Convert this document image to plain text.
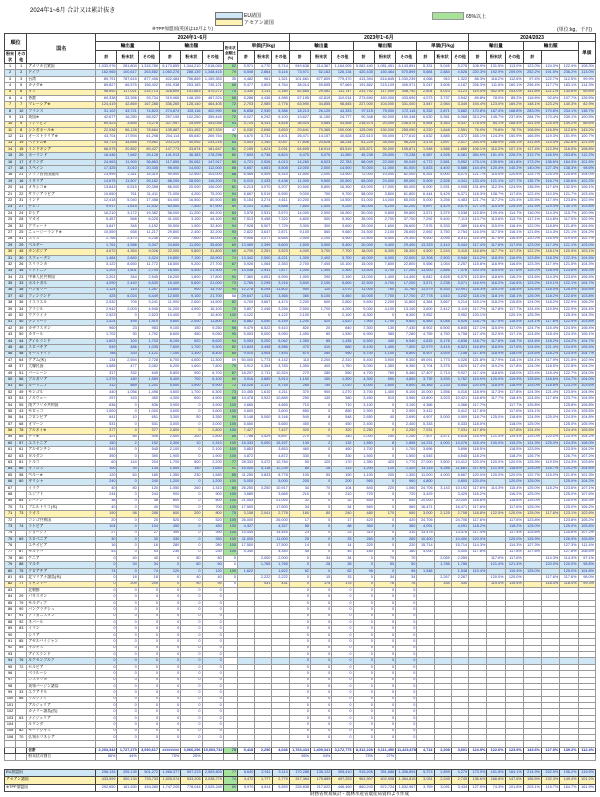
2024年1~6月 合計又は累計抜き
(単位:kg、千円)
EU諸国
アセアン諸国
※TPP加盟国(英国は12月より)
65%以上
順位		国名	2024年1~6月										2023年1~6月									2024/2023						
			輸出量			輸出額			粉末状金額比(%)	単価(円/kg)			輸出量			輸出額			単価(円/kg)			輸出量			輸出額			単価
粉末状	その他		計	粉末状	その他	計	粉末状	その他		計	粉末状	その他	計	粉末状	その他	計	粉末状	その他	計	粉末状	その他	計	粉末状	その他	計			
1	1	アメリカ合衆国	1,033,976	281,804	1,315,780	6,173,855	1,344,210	7,518,065	82	5,971	4,770	5,714	949,638	214,367	1,164,005	5,062,440	1,081,451	6,143,891	5,331	5,045	5,278	108.9%	131.5%	113.0%	122.0%	124.3%	122.4%	108.3%
2	2	ドイツ	162,965	100,617	263,582	1,060,276	288,139	1,348,415	79	6,506	2,864	5,116	73,971	52,163	126,134	420,435	150,464	570,899	5,684	2,884	4,526	220.3%	192.9%	209.0%	252.2%	191.5%	236.2%	113.0%
3	3	台湾	89,791	787,615	877,406	402,484	756,869	1,159,353	35	4,482	961	1,321	101,661	677,809	779,470	413,394	616,845	1,030,239	4,066	910	1,322	88.3%	116.2%	112.6%	97.4%	122.7%	112.5%	99.9%
4	5	カナダ※	89,827	66,575	156,402	491,938	253,183	745,121	66	5,477	3,803	4,764	38,014	59,655	97,669	191,862	215,109	406,971	5,047	3,606	4,167	236.3%	111.6%	160.1%	256.4%	117.7%	183.1%	114.3%
5	6	タイ	98,692	117,021	215,713	328,609	141,663	470,272	70	3,330	1,211	2,180	82,665	29,082	111,747	231,792	117,000	348,792	2,804	4,023	3,121	119.4%	402.4%	193.0%	141.8%	121.1%	134.8%	69.8%
6	4	香港	60,338	33,396	93,734	319,065	148,159	467,224	68	5,288	4,436	4,985	67,195	42,819	110,014	273,690	160,000	433,690	4,073	3,737	3,942	89.8%	78.0%	85.2%	116.6%	92.6%	107.7%	126.5%
7	7	マレーシア※	124,419	42,869	167,288	336,265	128,140	464,405	72	2,703	2,989	2,776	63,990	34,855	98,845	227,000	104,000	331,000	3,547	2,984	3,349	194.4%	123.0%	169.2%	148.1%	123.2%	140.3%	82.9%
8	10	フランス	31,102	43,721	74,823	274,874	128,116	402,990	68	8,838	2,930	5,386	18,213	26,120	44,333	97,115	75,000	172,115	5,332	2,871	3,882	170.8%	167.4%	168.8%	283.0%	170.8%	234.1%	138.7%
9	13	英国※	42,677	16,250	58,927	257,195	102,250	359,445	72	6,027	6,292	6,100	13,627	11,150	24,777	90,348	60,000	150,348	6,630	5,381	6,068	313.2%	145.7%	237.8%	284.7%	170.4%	239.1%	100.5%
10	9	フィリピン	69,423	3,855	73,278	327,957	25,099	353,056	93	4,724	6,511	4,818	38,924	4,584	43,508	216,574	20,000	236,574	5,564	4,363	5,437	178.4%	84.1%	168.4%	151.4%	125.5%	149.2%	88.6%
11	8	シンガポール※	22,536	56,128	78,664	135,887	151,452	287,339	47	6,030	2,698	3,653	29,641	70,365	100,006	125,090	130,000	255,090	4,220	1,848	2,551	76.0%	79.8%	78.7%	108.6%	116.5%	112.6%	143.2%
12	11	オーストラリア※	43,704	17,594	61,298	204,114	65,640	269,754	76	4,670	3,731	4,401	26,471	14,157	40,628	122,610	55,000	177,610	4,632	3,885	4,372	165.1%	124.3%	150.9%	166.5%	119.3%	151.9%	100.7%
13	19	ベトナム※	44,713	34,848	79,561	203,124	40,092	243,216	84	4,543	1,150	3,057	17,606	20,628	38,234	61,225	35,000	96,225	3,478	1,697	2,517	254.0%	168.9%	208.1%	331.8%	114.5%	252.8%	121.5%
14	15	インドネシア	68,575	20,852	89,427	147,773	33,874	181,647	81	2,155	1,624	2,031	64,605	18,914	83,519	125,871	30,000	155,871	1,948	1,586	1,866	106.1%	110.2%	107.1%	117.4%	112.9%	116.5%	108.8%
15	20	ポーランド	18,446	7,682	26,128	141,913	36,383	178,296	80	7,693	4,736	6,824	6,475	5,075	11,550	45,238	25,000	70,238	6,987	4,926	6,081	284.9%	151.4%	226.2%	313.7%	145.5%	253.8%	112.2%
16	17	オランダ	24,963	11,900	36,863	117,855	30,062	147,917	80	4,721	2,526	4,013	14,260	8,523	22,783	68,049	22,000	90,049	4,772	2,581	3,952	175.1%	139.6%	161.8%	173.2%	136.6%	164.3%	101.5%
17	18	スペイン	17,325	3,010	20,335	98,000	14,000	112,000	88	5,657	4,651	5,508	12,000	2,500	14,500	70,000	11,000	81,000	5,833	4,400	5,586	144.4%	120.4%	140.2%	140.0%	127.3%	138.3%	98.6%
18	21	アラブ首長国連邦	13,999	2,311	16,310	90,500	12,500	103,000	88	6,465	5,409	6,315	11,500	2,000	13,500	72,000	10,000	82,000	6,261	5,000	6,074	121.7%	115.5%	120.8%	125.7%	125.0%	125.6%	104.0%
19	16	イタリア	14,675	11,507	26,182	88,200	28,000	116,200	76	6,010	2,433	4,438	11,000	9,500	20,500	65,000	24,000	89,000	5,909	2,526	4,341	133.4%	121.1%	127.7%	135.7%	116.7%	130.6%	102.2%
20	14	メキシコ※	13,843	6,515	20,358	86,000	20,000	106,000	81	6,213	3,070	5,207	10,500	5,800	16,300	63,000	17,000	80,000	6,000	2,931	4,908	131.8%	112.3%	124.9%	136.5%	117.6%	132.5%	106.1%
21	22	サウジアラビア	10,650	761	11,411	71,000	4,200	75,200	94	6,667	5,519	6,590	9,000	700	9,700	58,000	3,800	61,800	6,444	5,429	6,371	118.3%	108.7%	117.6%	122.4%	110.5%	121.7%	103.4%
22	31	インド	12,418	5,040	17,458	64,000	16,500	80,500	80	5,154	3,274	4,611	10,200	4,300	14,500	51,000	14,000	65,000	5,000	3,256	4,483	121.7%	117.2%	120.4%	125.5%	117.9%	123.8%	102.9%
23	27	チェコ	9,917	1,615	11,532	60,500	7,400	67,900	89	6,101	4,582	5,888	7,800	1,400	9,200	46,000	6,200	52,200	5,897	4,429	5,674	127.1%	115.4%	125.3%	131.5%	119.4%	130.1%	103.8%
24	24	ロシア	16,210	3,172	19,382	58,000	11,200	69,200	84	3,578	3,531	3,570	14,000	2,900	16,900	50,000	9,800	59,800	3,571	3,379	3,538	115.8%	109.4%	114.7%	116.0%	114.3%	115.7%	100.9%
25	28	マカオ	5,457	568	6,025	41,000	3,100	44,100	93	7,513	5,458	7,320	4,800	500	5,300	35,000	2,700	37,700	7,292	5,400	7,113	113.7%	113.6%	113.7%	117.1%	114.8%	117.0%	102.9%
26	32	クウェート	3,847	345	4,192	30,500	1,900	32,400	94	7,928	5,507	7,729	3,300	300	3,600	25,000	1,600	26,600	7,576	5,333	7,389	116.6%	115.0%	116.4%	122.0%	118.8%	121.8%	104.6%
27	25	ニュージーランド※	10,559	658	11,217	29,800	2,400	32,200	93	2,822	3,647	2,871	9,100	560	9,660	24,500	2,100	26,600	2,692	3,750	2,754	116.0%	117.5%	116.1%	121.6%	114.3%	121.1%	104.2%
28	41	スイス	2,766	2,470	5,236	27,400	7,600	35,000	78	9,906	3,077	6,684	2,400	2,100	4,500	22,800	6,500	29,300	9,500	3,095	6,511	115.3%	117.6%	116.4%	120.2%	116.9%	119.5%	102.7%
29	29	ベルギー	1,761	4,586	6,347	24,600	11,000	35,600	69	13,969	2,399	5,609	1,500	3,900	5,400	20,000	9,400	29,400	13,333	2,410	5,444	117.4%	117.6%	117.5%	123.0%	117.0%	121.1%	103.0%
30	45	カンボジア	4,672	4,354	9,026	22,000	9,800	31,800	69	4,709	2,251	3,523	4,000	3,700	7,700	18,000	8,300	26,300	4,500	2,243	3,416	116.8%	117.7%	117.2%	122.2%	118.1%	120.9%	103.1%
31	30	スウェーデン	1,484	2,840	4,324	19,800	7,100	26,900	74	13,342	2,500	6,221	1,300	2,400	3,700	16,000	6,000	22,000	12,308	2,500	5,946	114.2%	118.3%	116.9%	123.8%	118.3%	122.3%	104.6%
32	26	スリランカ	3,122	8,650	11,772	18,500	9,200	27,700	67	5,926	1,064	2,353	2,700	7,400	10,100	15,000	7,800	22,800	5,556	1,054	2,257	115.6%	116.9%	116.6%	123.3%	117.9%	121.5%	104.3%
33	35	リトアニア	1,203	1,501	2,704	16,900	4,400	21,300	79	14,048	2,931	7,877	1,000	1,300	2,300	13,500	3,700	17,200	13,500	2,846	7,478	120.3%	115.5%	117.6%	125.2%	118.9%	123.8%	105.3%
34	23	中華人民共和国	2,201	344	2,545	16,200	1,600	17,800	91	7,360	4,651	6,994	1,900	290	2,190	13,000	1,400	14,400	6,842	4,828	6,575	115.8%	118.6%	116.2%	124.6%	114.3%	123.6%	106.4%
35	33	ポルトガル	4,090	2,440	6,530	15,400	5,600	21,000	73	3,765	2,295	3,216	3,500	2,100	5,600	12,500	4,700	17,200	3,571	2,238	3,071	116.9%	116.2%	116.6%	123.2%	119.1%	122.1%	104.7%
36	38	ハンガリー	1,124	143	1,267	13,800	900	14,700	94	12,278	6,294	11,602	950	120	1,070	11,000	760	11,760	11,579	6,333	10,991	118.3%	119.2%	118.4%	125.5%	118.4%	125.0%	105.6%
37	42	フィンランド	425	6,024	6,449	12,600	9,100	21,700	58	29,647	1,511	3,365	360	5,100	5,460	10,000	7,700	17,700	27,778	1,510	3,242	118.1%	118.1%	118.1%	126.0%	118.2%	122.6%	103.8%
38	36	イスラエル	2,532	709	3,241	11,900	2,600	14,500	82	4,700	3,667	4,474	2,200	600	2,800	9,600	2,200	11,800	4,364	3,667	4,214	115.1%	118.2%	115.8%	124.0%	118.2%	122.9%	106.2%
39	34	ブラジル	2,942	2,003	4,945	11,200	4,900	16,100	70	3,807	2,446	3,256	2,500	1,700	4,200	9,000	4,100	13,100	3,600	2,412	3,119	117.7%	117.8%	117.7%	124.4%	119.5%	122.9%	104.4%
40	52	ウクライナ	2,523	0	2,523	10,400	0	10,400	100	4,122		4,122	2,100	0	2,100	8,300	0	8,300	3,952		3,952	120.1%		120.1%	125.3%		125.3%	104.3%
41	40	デンマーク	1,424	495	1,919	9,800	2,000	11,800	83	6,882	4,040	6,149	1,200	420	1,620	7,900	1,700	9,600	6,583	4,048	5,926	118.7%	117.9%	118.5%	124.1%	117.6%	122.9%	103.8%
42	39	カザフスタン	960	23	983	9,100	150	9,250	98	9,479	6,522	9,410	820	20	840	7,300	130	7,430	8,902	6,500	8,845	117.1%	115.0%	117.0%	124.7%	115.4%	124.5%	106.4%
43	50	カタール	1,702	90	1,792	8,600	450	9,050	95	5,053	5,000	5,050	1,450	80	1,530	6,900	380	7,280	4,759	4,750	4,758	117.4%	112.5%	117.1%	124.6%	118.4%	124.3%	106.1%
44	44	アイルランド	1,603	100	1,703	8,100	520	8,620	94	5,053	5,200	5,062	1,350	85	1,435	6,500	440	6,940	4,815	5,176	4,836	118.7%	117.6%	118.7%	124.6%	118.2%	124.2%	104.7%
45	46	スロバキア	549	486	1,035	7,600	1,700	9,300	82	13,843	3,498	8,986	470	410	880	6,100	1,400	7,500	12,979	3,415	8,523	116.8%	118.5%	117.6%	124.6%	121.4%	124.0%	105.4%
46	48	オーストリア	788	333	1,121	7,100	1,300	8,400	85	9,010	3,904	7,493	670	280	950	5,700	1,100	6,800	8,507	3,929	7,158	117.6%	118.9%	118.0%	124.6%	118.2%	123.5%	104.7%
47	64	グアム(米)	134	2,594	2,728	6,700	4,600	11,300	59	50,000	1,773	4,142	110	2,200	2,310	5,400	3,900	9,300	49,091	1,773	4,026	121.8%	117.9%	118.1%	124.1%	117.9%	121.5%	102.9%
48	37	大韓民国	1,585	477	2,062	6,200	1,600	7,800	79	3,912	3,354	3,783	1,350	400	1,750	5,000	1,350	6,350	3,704	3,375	3,629	117.4%	119.2%	117.8%	124.0%	118.5%	122.8%	104.2%
49	51	バーレーン	317	332	649	5,800	900	6,700	87	18,297	2,711	10,324	270	280	550	4,700	760	5,460	17,407	2,714	9,927	117.4%	118.6%	118.0%	123.4%	118.4%	122.7%	104.0%
50	56	ブルガリア	1,379	180	1,559	5,400	700	6,100	89	3,916	3,889	3,913	1,150	150	1,300	4,300	590	4,890	3,739	3,933	3,762	119.9%	120.0%	119.9%	125.6%	118.6%	124.7%	104.0%
51	62	ルーマニア	312	889	1,201	5,000	1,900	6,900	72	16,026	2,137	5,745	260	750	1,010	4,000	1,600	5,600	15,385	2,133	5,545	120.0%	118.5%	118.9%	125.0%	118.8%	123.2%	103.6%
52	49	モンゴル	440	1,056	1,496	4,600	1,700	6,300	73	10,455	1,610	4,211	370	900	1,270	3,700	1,400	5,100	10,000	1,556	4,016	118.9%	117.3%	117.8%	124.3%	121.4%	123.5%	104.9%
53	53	ノルウェー	297	153	450	4,300	600	4,900	88	14,478	3,922	10,889	250	130	380	3,450	510	3,960	13,800	3,923	10,421	118.8%	117.7%	118.4%	124.6%	117.6%	123.7%	104.5%
54	55	南アフリカ共和国	836	0	836	3,900	0	3,900	100	4,665		4,665	710	0	710	3,100	0	3,100	4,366		4,366	117.7%		117.7%	125.8%		125.8%	106.8%
55	43	モロッコ	1,000	0	1,000	3,600	0	3,600	100	3,600		3,600	850	0	850	2,900	0	2,900	3,412		3,412	117.6%		117.6%	124.1%		124.1%	105.5%
56	54	コロンビア	641	10	651	3,300	50	3,350	99	5,148	5,000	5,146	540	8	548	2,650	40	2,690	4,907	5,000	4,909	118.7%	125.0%	118.8%	124.5%	125.0%	124.5%	104.8%
57	68	オマーン	531	0	531	3,000	0	3,000	100	5,650		5,650	450	0	450	2,400	0	2,400	5,333		5,333	118.0%		118.0%	125.0%		125.0%	105.9%
58	78	ブルネイ※	377	0	377	2,800	0	2,800	100	7,427		7,427	320	0	320	2,250	0	2,250	7,031		7,031	117.8%		117.8%	124.4%		124.4%	105.6%
59	65	チリ※	321	85	406	2,500	300	2,800	89	7,788	3,529	6,897	270	70	340	2,000	250	2,250	7,407	3,571	6,618	118.9%	121.4%	119.4%	125.0%	120.0%	124.4%	104.2%
60	57	エストニア	150	2	152	2,300	10	2,310	100	15,333	5,000	15,197	130	2	132	1,850	8	1,858	14,231	4,000	14,076	115.4%	100.0%	115.2%	124.3%	125.0%	124.3%	108.0%
61	61	アルゼンチン	545	0	545	2,100	0	2,100	100	3,853		3,853	460	0	460	1,700	0	1,700	3,696		3,696	118.5%		118.5%	123.5%		123.5%	104.2%
62	63	ヨルダン	390	0	390	1,900	0	1,900	100	4,872		4,872	330	0	330	1,500	0	1,500	4,545		4,545	118.2%		118.2%	126.7%		126.7%	107.2%
63	81	トルコ	60	144	204	1,700	500	2,200	77	28,333	3,472	10,784	50	120	170	1,350	420	1,770	27,000	3,500	10,412	120.0%	120.0%	120.0%	125.9%	119.0%	124.3%	103.6%
64	66	キプロス	100	34	134	1,500	140	1,640	91	15,000	4,118	12,239	85	28	113	1,200	120	1,320	14,118	4,286	11,681	117.6%	121.4%	118.6%	125.0%	116.7%	124.2%	104.8%
65	58	ペルー※	120	60	180	1,350	230	1,580	85	11,250	3,833	8,778	100	50	150	1,100	200	1,300	11,000	4,000	8,667	120.0%	120.0%	120.0%	122.7%	115.0%	121.5%	101.3%
66	60	ギリシャ	240	0	240	1,200	0	1,200	100	5,000		5,000	200	0	200	960	0	960	4,800		4,800	120.0%		120.0%	125.0%		125.0%	104.2%
67		イラク	40	80	120	1,050	260	1,310	80	26,250	3,250	10,917	34	70	104	840	220	1,060	24,706	3,143	10,192	117.6%	114.3%	115.4%	125.0%	118.2%	123.6%	107.1%
68		エジプト	244	0	244	900	0	900	100	3,689		3,689	210	0	210	720	0	720	3,429		3,429	116.2%		116.2%	125.0%		125.0%	107.6%
69	84	レバノン	38	0	38	800	0	800	100	21,053		21,053	32	0	32	640	0	640	20,000		20,000	118.8%		118.8%	125.0%		125.0%	105.3%
70	71	プエルトリコ(米)	40	0	40	700	0	700	100	17,500		17,500	34	0	34	560	0	560	16,471		16,471	117.6%		117.6%	125.0%		125.0%	106.2%
71	73	ラオス	190	98	288	600	200	800	75	3,158	2,041	2,778	160	80	240	480	170	650	3,000	2,125	2,708	118.8%	122.5%	120.0%	125.0%	117.6%	123.1%	102.6%
72		コンゴ共和国	20	0	20	520	0	520	100	26,000		26,000	17	0	17	420	0	420	24,706		24,706	117.6%		117.6%	123.8%		123.8%	105.2%
73	74	ラトビア	104	0	104	450	0	450	100	4,327		4,327	88	0	88	360	0	360	4,091		4,091	118.2%		118.2%	125.0%		125.0%	105.8%
74		ジョージア	27	0	27	390	0	390	100	14,444		14,444	23	0	23	310	0	310	13,478		13,478	117.4%		117.4%	125.8%		125.8%	107.2%
75	69	スロベニア	30	0	30	330	0	330	100	11,000		11,000	25	0	25	260	0	260	10,400		10,400	120.0%		120.0%	126.9%		126.9%	105.8%
76		エチオピア	16	0	16	280	0	280	100	17,500		17,500	14	0	14	220	0	220	15,714		15,714	114.3%		114.3%	127.3%		127.3%	111.4%
77	87	モルドバ	53	0	53	230	0	230	100	4,340		4,340	45	0	45	180	0	180	4,000		4,000	117.8%		117.8%	127.8%		127.8%	108.5%
78	80	ケニア	0	40	40	0	80	80	0		2,000	2,000	0	34	34	0	70	70		2,059	2,059		117.6%	117.6%		114.3%	114.3%	97.1%
79	88	マルタ	0	34	34	0	60	60	0		1,765	1,765	0	28	28	0	50	50		1,786	1,786		121.4%	121.4%		120.0%	120.0%	98.8%
80	75	クロアチア	74	0	74	120	0	120	100	1,622		1,622	62	0	62	96	0	96	1,548		1,548	119.4%		119.4%	125.0%		125.0%	104.8%
81	93	北マリアナ諸島(米)	0	18	18	0	40	40	0		2,222	2,222	0	15	15	0	34	34		2,267	2,267		120.0%	120.0%		117.6%	117.6%	98.0%
82	77	ミャンマー	0	209	209	0	90	90	0		431	431	0	175	175	0	76	76		434	434		119.4%	119.4%		118.4%	118.4%	99.3%
83		北朝鮮	0	0	0	0	0	0					0	0	0	0	0	0										
84	29	パキスタン	0	0	0	0	0	0					0	0	0	0	0	0										
85	79	モルディブ	0	0	0	0	0	0					0	0	0	0	0	0										
86	90	バングラデシュ	0	0	0	0	0	0					0	0	0	0	0	0										
87	91	アフガニスタン	0	0	0	0	0	0					0	0	0	0	0	0										
88	92	ネパール	0	0	0	0	0	0					0	0	0	0	0	0										
89	83	イラン	0	0	0	0	0	0					0	0	0	0	0	0										
90		シリア	0	0	0	0	0	0					0	0	0	0	0	0										
91	85	アゼルバイジャン	0	0	0	0	0	0					0	0	0	0	0	0										
92	59	キルギス	0	0	0	0	0	0					0	0	0	0	0	0										
93		アイスランド	0	0	0	0	0	0					0	0	0	0	0	0										
94	76	ルクセンブルク	0	0	0	0	0	0					0	0	0	0	0	0										
95	72	セルビア	0	0	0	0	0	0					0	0	0	0	0	0										
96		ベラルーシ	0	0	0	0	0	0					0	0	0	0	0	0										
97		コスタリカ	0	0	0	0	0	0					0	0	0	0	0	0										
98		英領バージン諸島	0	0	0	0	0	0					0	0	0	0	0	0										
99	33	エクアドル	0	0	0	0	0	0					0	0	0	0	0	0										
100	86	ウルグアイ	0	0	0	0	0	0					0	0	0	0	0	0										
101		アルジェリア	0	0	0	0	0	0					0	0	0	0	0	0										
102		カナリー諸島(西)	0	0	0	0	0	0					0	0	0	0	0	0										
103	63	ナイジェリア	0	0	0	0	0	0					0	0	0	0	0	0										
104		ルワンダ	0	0	0	0	0	0					0	0	0	0	0	0										
105	82	モーリシャス	0	0	0	0	0	0					0	0	0	0	0	0										
106	70	仏領ポリネシア	0	0	0	0	0	0					0	0	0	0	0	0										

		合計	2,203,342	1,727,275	3,930,617	########	3,966,296	15,903,732	75	5,418	2,296	4,046	1,763,434	1,409,341	3,172,775	8,312,228	3,111,450	11,423,678	4,714	2,208	3,601	124.9%	122.6%	123.9%	143.6%	127.5%	139.2%	112.4%
		粉末状の割合	56%	44%		75%	25%						56%	44%		73%	27%											
EU加盟国	296,133	205,139	501,272	1,966,377	597,223	2,563,600	77	6,640	2,911	5,114	170,288	135,122	305,410	915,206	391,688	1,306,894	5,374	2,899	4,279	173.9%	151.8%	164.1%	214.9%	152.5%	196.2%	119.5%
アセアン諸国	433,599	300,134	733,733	1,505,574	533,205	2,038,779	74	3,472	1,777	2,779	317,364	179,889	497,253	961,907	402,908	1,364,815	3,031	2,240	2,745	136.6%	166.8%	147.6%	156.5%	132.3%	149.4%	101.2%
※TPP加盟国	292,650	161,630	454,280	1,747,205	778,044	2,525,249	69	5,970	4,814	5,559	228,838	217,622	446,460	860,243	672,724	1,532,967	3,759	3,091	3,434	127.9%	74.3%	101.8%	203.1%	115.7%	164.7%	161.9%
財務省貿易統計・農林水産省農産局資料より作成
